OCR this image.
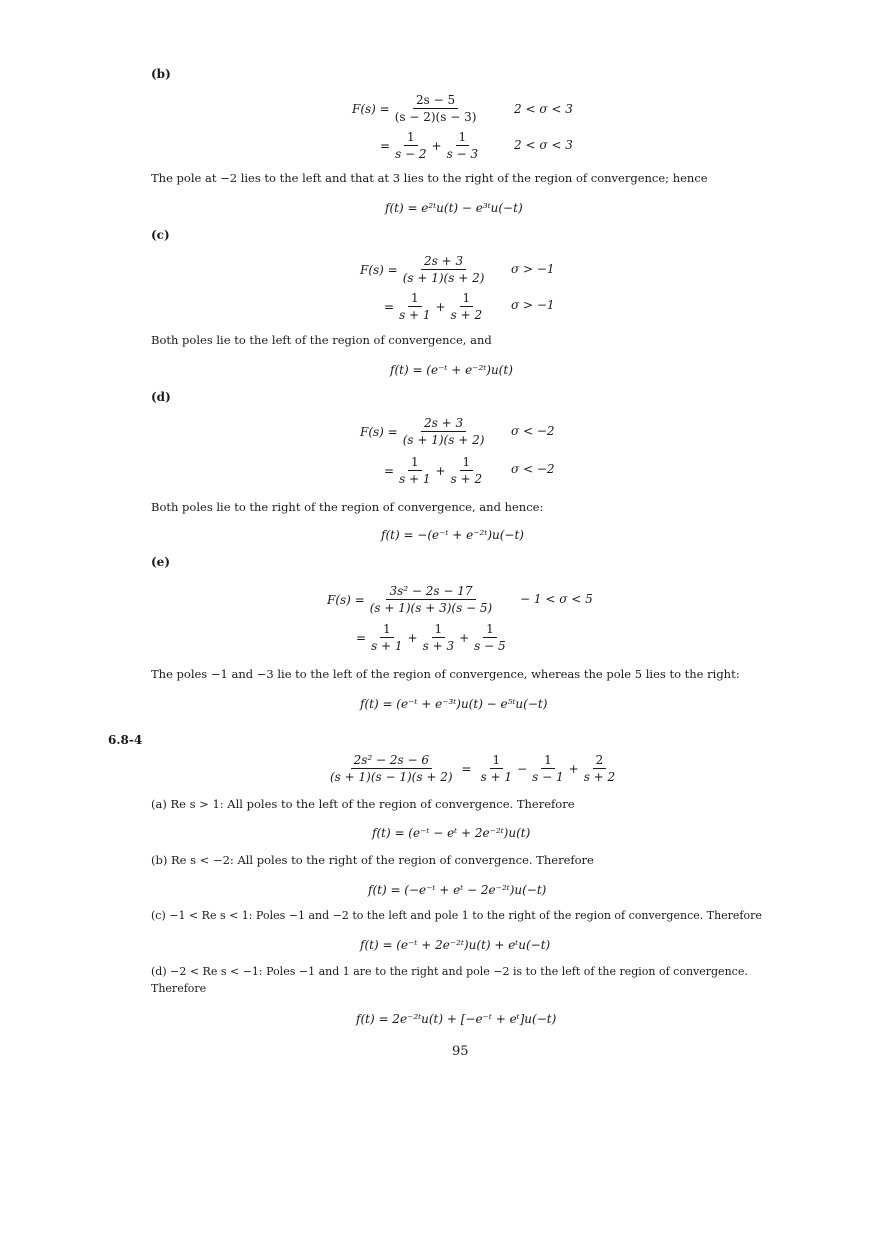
(b)
$F(s) = \frac{2s - 5}{(s - 2)(s - 3)}$	2 < σ < 3
= $\frac{1}{s - 2} + \frac{1}{s - 3}$	2 < σ < 3
The pole at −2 lies to the left and that at 3 lies to the right of the region of convergence; hence
f(t) = e²ᵗu(t) − e³ᵗu(−t)
(c)
$F(s) = \frac{2s + 3}{(s + 1)(s + 2)}$ σ > −1
= $\frac{1}{s + 1} + \frac{1}{s + 2}$ σ > −1
Both poles lie to the left of the region of convergence, and
f(t) = (e⁻ᵗ + e⁻²ᵗ)u(t)
(d)
$F(s) = \frac{2s + 3}{(s + 1)(s + 2)}$ σ < −2
= $\frac{1}{s + 1} + \frac{1}{s + 2}$ σ < −2
Both poles lie to the right of the region of convergence, and hence:
f(t) = −(e⁻ᵗ + e⁻²ᵗ)u(−t)
(e)
$F(s) = \frac{\text{3s² − 2s − 17}}{(s + 1)(s + 3)(s - 5)} - 1 < \sigma < 5$
= $\frac{1}{s + 1} + \frac{1}{s + 3} + \frac{1}{s - 5}$
The poles −1 and −3 lie to the left of the region of convergence, whereas the pole 5 lies to the right:
f(t) = (e⁻ᵗ + e⁻³ᵗ)u(t) − e⁵ᵗu(−t)
6.8-4
$\frac{\text{2s² − 2s − 6}}{(s + 1)(s - 1)(s + 2)} = \frac{1}{s + 1} - \frac{1}{s - 1} + \frac{2}{s + 2}$
(a) Re s > 1: All poles to the left of the region of convergence. Therefore
f(t) = (e⁻ᵗ − eᵗ + 2e⁻²ᵗ)u(t)
(b) Re s < −2: All poles to the right of the region of convergence. Therefore
f(t) = (−e⁻ᵗ + eᵗ − 2e⁻²ᵗ)u(−t)
(c) −1 < Re s < 1: Poles −1 and −2 to the left and pole 1 to the right of the region of convergence. Therefore
f(t) = (e⁻ᵗ + 2e⁻²ᵗ)u(t) + eᵗu(−t)
(d) −2 < Re s < −1: Poles −1 and 1 are to the right and pole −2 is to the left of the region of convergence.
Therefore
f(t) = 2e⁻²ᵗu(t) + [−e⁻ᵗ + eᵗ]u(−t)
95
